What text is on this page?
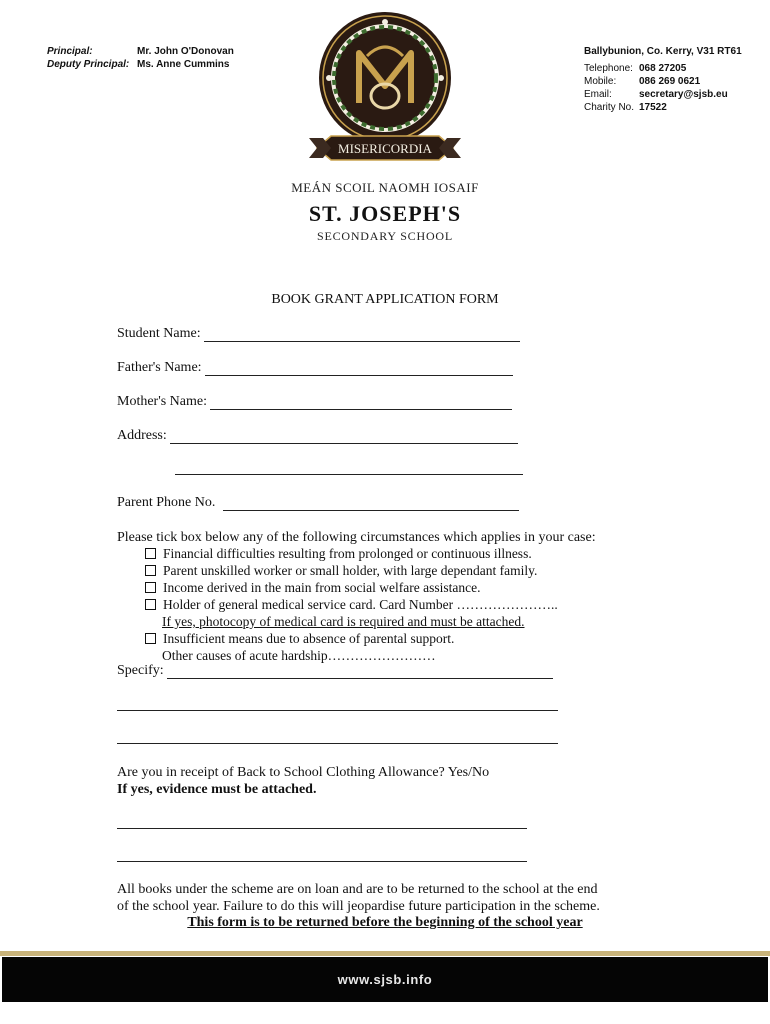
Principal:	Mr. John O'Donovan
Deputy Principal: Ms. Anne Cummins
Ballybunion, Co. Kerry, V31 RT61
Telephone: 068 27205
Mobile:	086 269 0621
Email:	secretary@sjsb.eu
Charity No. 17522
MISERICORDIA
MEÁN SCOIL NAOMH IOSAIF
ST. JOSEPH'S
SECONDARY SCHOOL
BOOK GRANT APPLICATION FORM
Student Name:
Father's Name:
Mother's Name:
Address:
Parent Phone No.
Please tick box below any of the following circumstances which applies in your case:
Financial difficulties resulting from prolonged or continuous illness.
Parent unskilled worker or small holder, with large dependant family.
Income derived in the main from social welfare assistance.
Holder of general medical service card. Card Number …………………..
If yes, photocopy of medical card is required and must be attached.
Insufficient means due to absence of parental support.
Other causes of acute hardship……………………
Specify:
Are you in receipt of Back to School Clothing Allowance? Yes/No
If yes, evidence must be attached.
All books under the scheme are on loan and are to be returned to the school at the end
of the school year. Failure to do this will jeopardise future participation in the scheme.
This form is to be returned before the beginning of the school year
www.sjsb.info
